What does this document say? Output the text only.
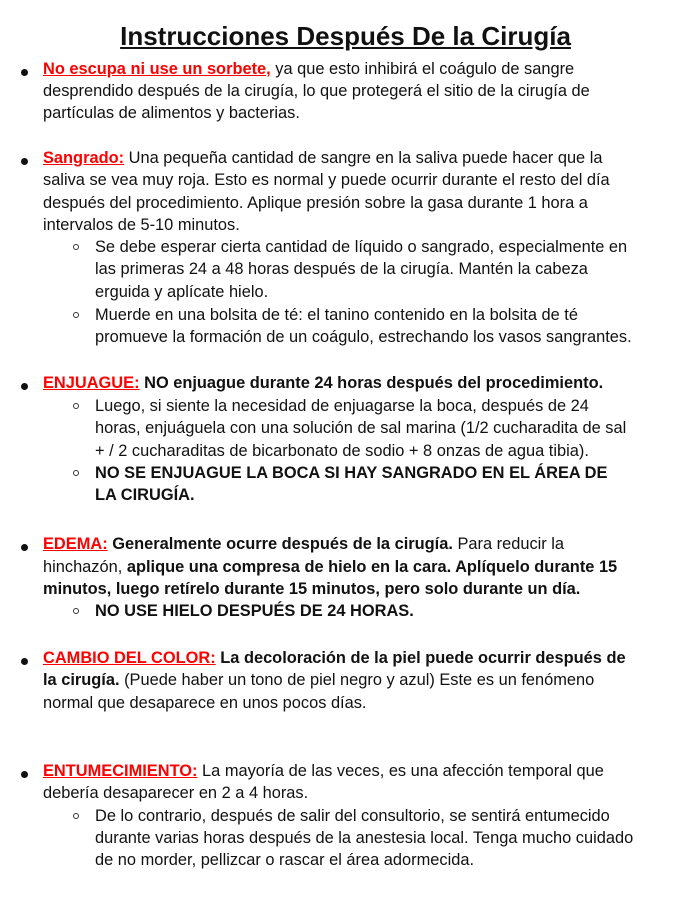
Instrucciones Después De la Cirugía
No escupa ni use un sorbete, ya que esto inhibirá el coágulo de sangre
desprendido después de la cirugía, lo que protegerá el sitio de la cirugía de
partículas de alimentos y bacterias.
Sangrado: Una pequeña cantidad de sangre en la saliva puede hacer que la
saliva se vea muy roja. Esto es normal y puede ocurrir durante el resto del día
después del procedimiento. Aplique presión sobre la gasa durante 1 hora a
intervalos de 5-10 minutos.
Se debe esperar cierta cantidad de líquido o sangrado, especialmente en
las primeras 24 a 48 horas después de la cirugía. Mantén la cabeza
erguida y aplícate hielo.
Muerde en una bolsita de té: el tanino contenido en la bolsita de té
promueve la formación de un coágulo, estrechando los vasos sangrantes.
ENJUAGUE: NO enjuague durante 24 horas después del procedimiento.
Luego, si siente la necesidad de enjuagarse la boca, después de 24
horas, enjuáguela con una solución de sal marina (1/2 cucharadita de sal
+ / 2 cucharaditas de bicarbonato de sodio + 8 onzas de agua tibia).
NO SE ENJUAGUE LA BOCA SI HAY SANGRADO EN EL ÁREA DE
LA CIRUGÍA.
EDEMA: Generalmente ocurre después de la cirugía. Para reducir la
hinchazón, aplique una compresa de hielo en la cara. Aplíquelo durante 15
minutos, luego retírelo durante 15 minutos, pero solo durante un día.
NO USE HIELO DESPUÉS DE 24 HORAS.
CAMBIO DEL COLOR: La decoloración de la piel puede ocurrir después de
la cirugía. (Puede haber un tono de piel negro y azul) Este es un fenómeno
normal que desaparece en unos pocos días.
ENTUMECIMIENTO: La mayoría de las veces, es una afección temporal que
debería desaparecer en 2 a 4 horas.
De lo contrario, después de salir del consultorio, se sentirá entumecido
durante varias horas después de la anestesia local. Tenga mucho cuidado
de no morder, pellizcar o rascar el área adormecida.
